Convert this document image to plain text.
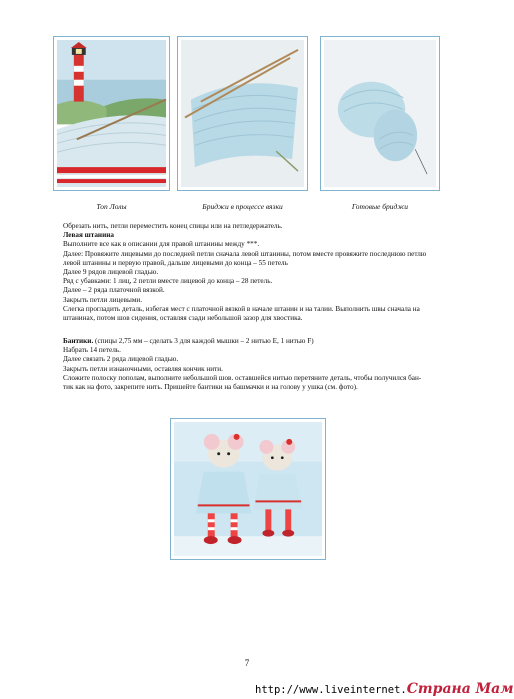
Топ Лолы	Бриджи в процессе вязки	Готовые бриджи

Обрезать нить, петли переместить конец спицы или на петледержатель.

Левая штанина

Выполните все как в описании для правой штанины между ***.

Далее: Провяжите лицевыми до последней петли сначала левой штанины, потом вместе провяжите последнюю петлю

левой штанины и первую правой, дальше лицевыми до конца – 55 петель

Далее 9 рядов лицевой гладью.

Ряд с убавками: 1 лиц, 2 петли вместе лицевой до конца – 28 петель.

Далее – 2 ряда платочной вязкой.

Закрыть петли лицевыми.

Слегка прогладить деталь, избегая мест с платочной вязкой в начале штанин и на талии. Выполнить швы сначала на

штанинах, потом шов сидения, оставляя сзади небольшой зазор для хвостика.

Бантики. (спицы 2,75 мм – сделать 3 для каждой мышки – 2 нитью E, 1 нитью F)

Набрать 14 петель.

Далее связать 2 ряда лицевой гладью.

Закрыть петли изнаночными, оставляя кончик нити.

Сложите полоску пополам, выполните небольшой шов. оставшейся нитью перетяните деталь, чтобы получился бан-

тик как на фото, закрепите нить. Пришейте бантики на башмачки и на голову у ушка (см. фото).

7
http://www.liveinternet.Страна Мам
